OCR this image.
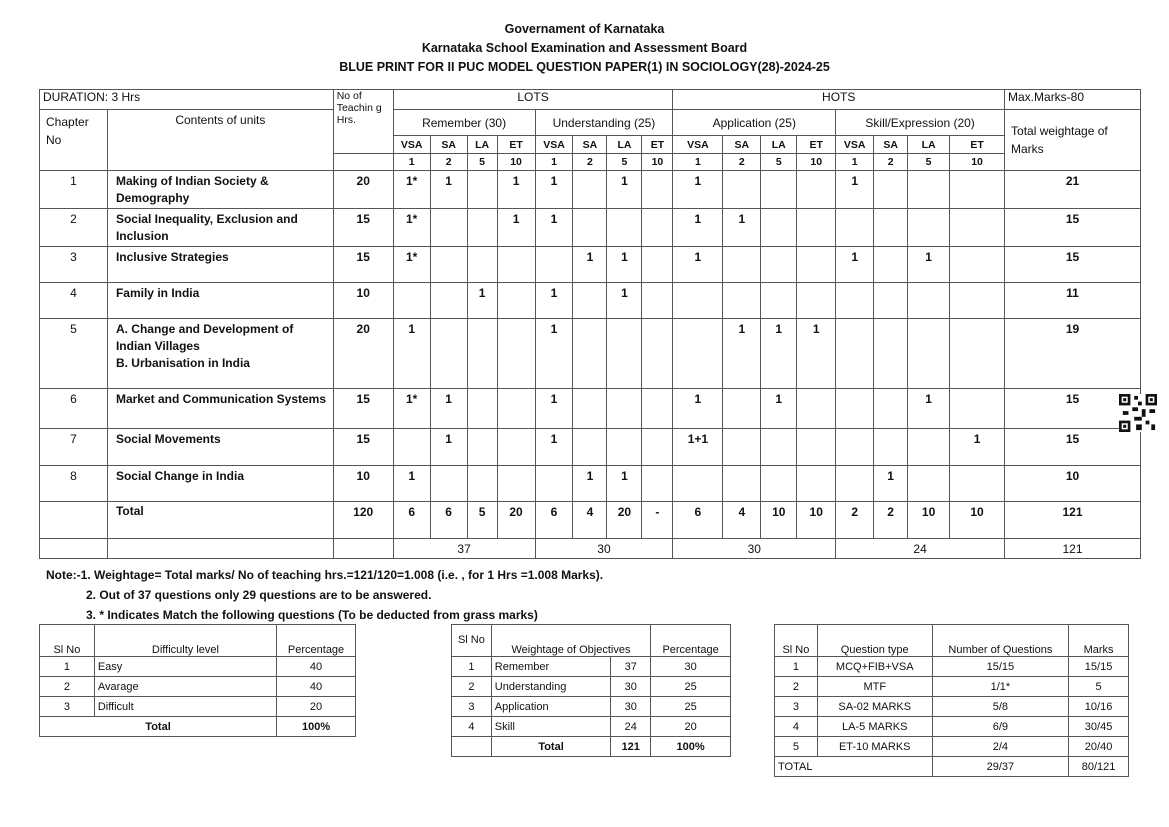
Governament of Karnataka
Karnataka School Examination and Assessment Board
BLUE PRINT FOR II PUC MODEL QUESTION PAPER(1) IN SOCIOLOGY(28)-2024-25
DURATION: 3 Hrs		No of Teachin g Hrs.	LOTS								HOTS								Max.Marks-80
Chapter No	Contents of units		Remember (30)				Understanding (25)				Application (25)				Skill/Expression (20)				Total weightage of Marks
			VSA	SA	LA	ET	VSA	SA	LA	ET	VSA	SA	LA	ET	VSA	SA	LA	ET	
			1	2	5	10	1	2	5	10	1	2	5	10	1	2	5	10	
1	Making of Indian Society & Demography	20	1*	1		1	1		1		1				1				21
2	Social Inequality, Exclusion and Inclusion	15	1*			1	1				1	1							15
3	Inclusive Strategies	15	1*					1	1		1				1		1		15
4	Family in India	10			1		1		1										11
5	A. Change and Development of Indian Villages
B. Urbanisation in India	20	1				1					1	1	1					19
6	Market and Communication Systems	15	1*	1			1				1		1				1		15
7	Social Movements	15		1			1				1+1							1	15
8	Social Change in India	10	1					1	1							1			10
	Total	120	6	6	5	20	6	4	20	-	6	4	10	10	2	2	10	10	121
			37				30				30				24				121
Note:-1. Weightage= Total marks/ No of teaching hrs.=121/120=1.008 (i.e. , for 1 Hrs =1.008 Marks).
2. Out of 37 questions only 29 questions are to be answered.
3. * Indicates Match the following questions (To be deducted from grass marks)
Sl No	Difficulty level	Percentage
1	Easy	40
2	Avarage	40
3	Difficult	20
Total		100%
Sl No	Weightage of Objectives		Percentage
1	Remember	37	30
2	Understanding	30	25
3	Application	30	25
4	Skill	24	20
	Total	121	100%
Sl No	Question type	Number of Questions	Marks
1	MCQ+FIB+VSA	15/15	15/15
2	MTF	1/1*	5
3	SA-02 MARKS	5/8	10/16
4	LA-5 MARKS	6/9	30/45
5	ET-10 MARKS	2/4	20/40
TOTAL		29/37	80/121
